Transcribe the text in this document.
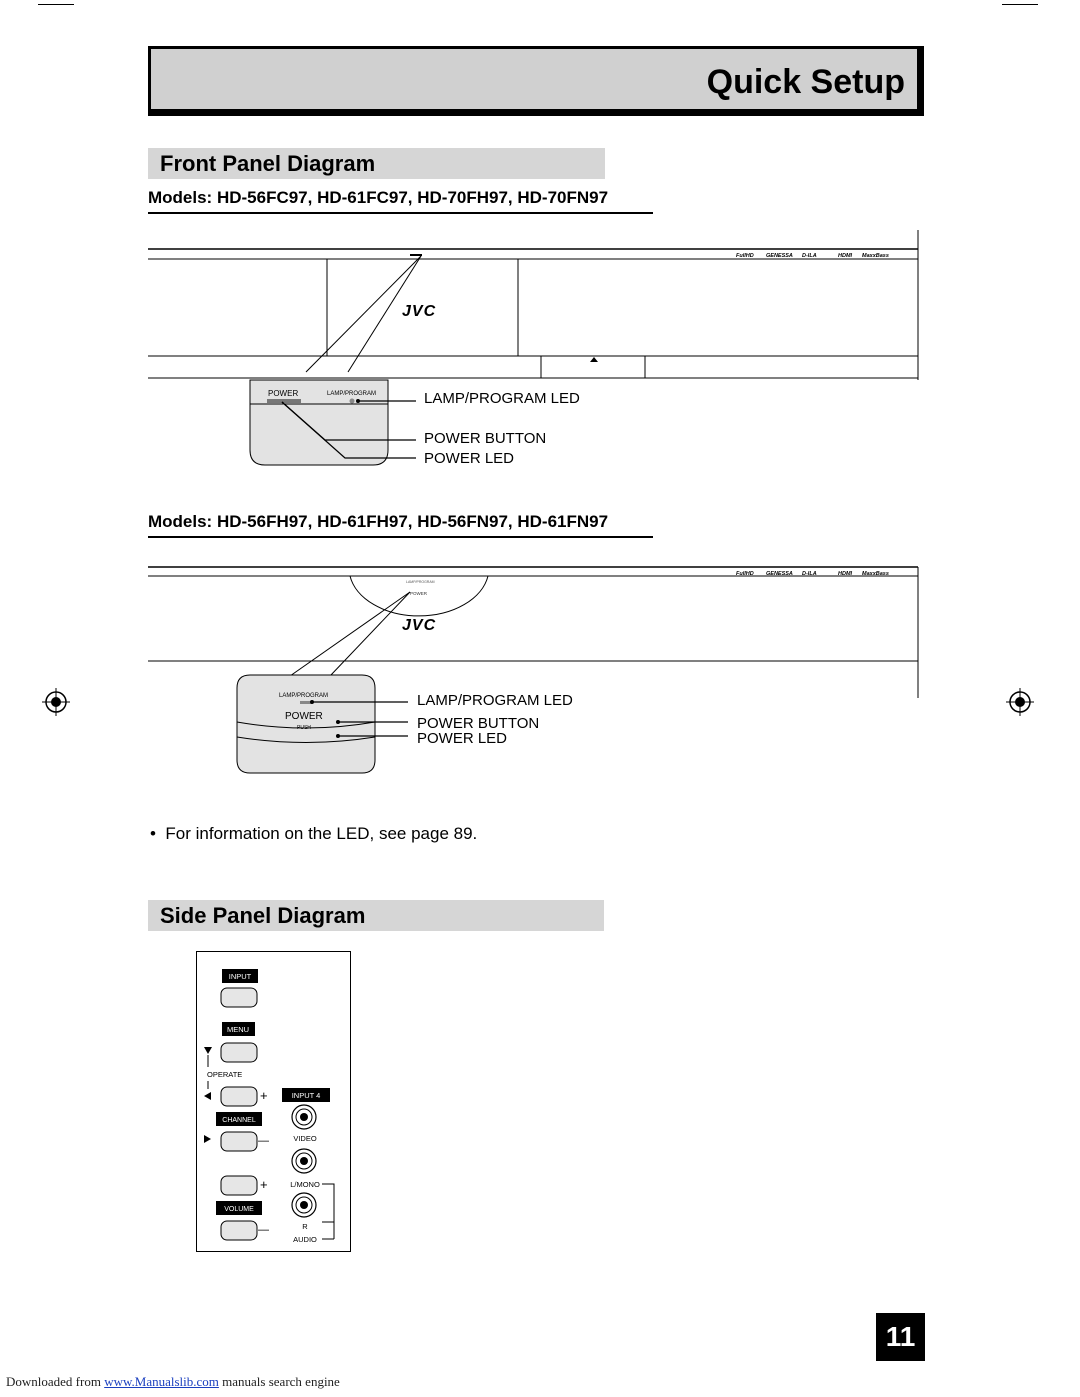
Quick Setup
Front Panel Diagram
Models: HD-56FC97, HD-61FC97, HD-70FH97, HD-70FN97
JVC
FullHD GENESSA D-ILA	HDMI MaxxBass
POWER	LAMP/PROGRAM	LAMP/PROGRAM LED
POWER BUTTON
POWER LED
Models: HD-56FH97, HD-61FH97, HD-56FN97, HD-61FN97
LAMP/PROGRAM
POWER
JVC
FullHD GENESSA D-ILA	HDMI MaxxBass
LAMP/PROGRAM
POWER
PUSH
LAMP/PROGRAM LED
POWER BUTTON
POWER LED
•  For information on the LED, see page 89.
Side Panel Diagram
INPUT
MENU
OPERATE
+
CHANNEL
—
+
VOLUME
—
INPUT 4
VIDEO
L/MONO
R
AUDIO
11
Downloaded from www.Manualslib.com manuals search engine
